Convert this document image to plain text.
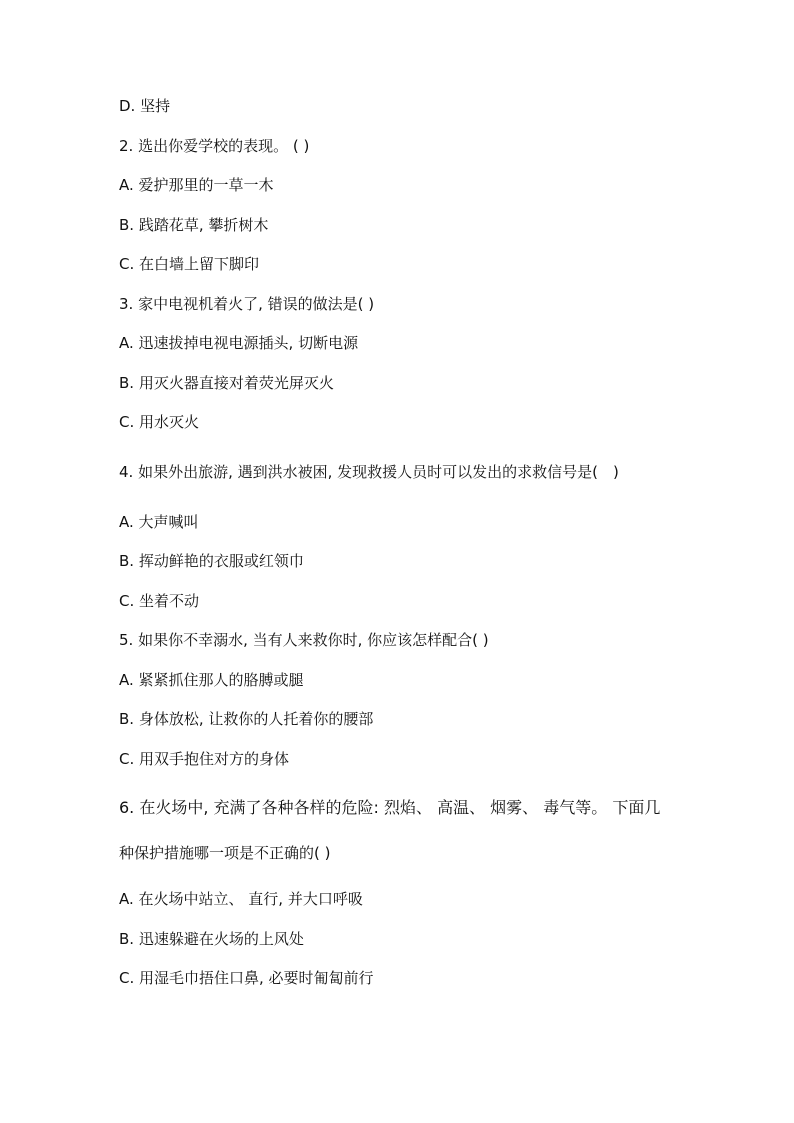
D. 坚持
2. 选出你爱学校的表现。 ( )
A. 爱护那里的一草一木
B. 践踏花草, 攀折树木
C. 在白墙上留下脚印
3. 家中电视机着火了, 错误的做法是( )
A. 迅速拔掉电视电源插头, 切断电源
B. 用灭火器直接对着荧光屏灭火
C. 用水灭火
4. 如果外出旅游, 遇到洪水被困, 发现救援人员时可以发出的求救信号是(　)
A. 大声喊叫
B. 挥动鲜艳的衣服或红领巾
C. 坐着不动
5. 如果你不幸溺水, 当有人来救你时, 你应该怎样配合( )
A. 紧紧抓住那人的胳膊或腿
B. 身体放松, 让救你的人托着你的腰部
C. 用双手抱住对方的身体
6. 在火场中, 充满了各种各样的危险: 烈焰、 高温、 烟雾、 毒气等。 下面几
种保护措施哪一项是不正确的( )
A. 在火场中站立、 直行, 并大口呼吸
B. 迅速躲避在火场的上风处
C. 用湿毛巾捂住口鼻, 必要时匍匐前行
